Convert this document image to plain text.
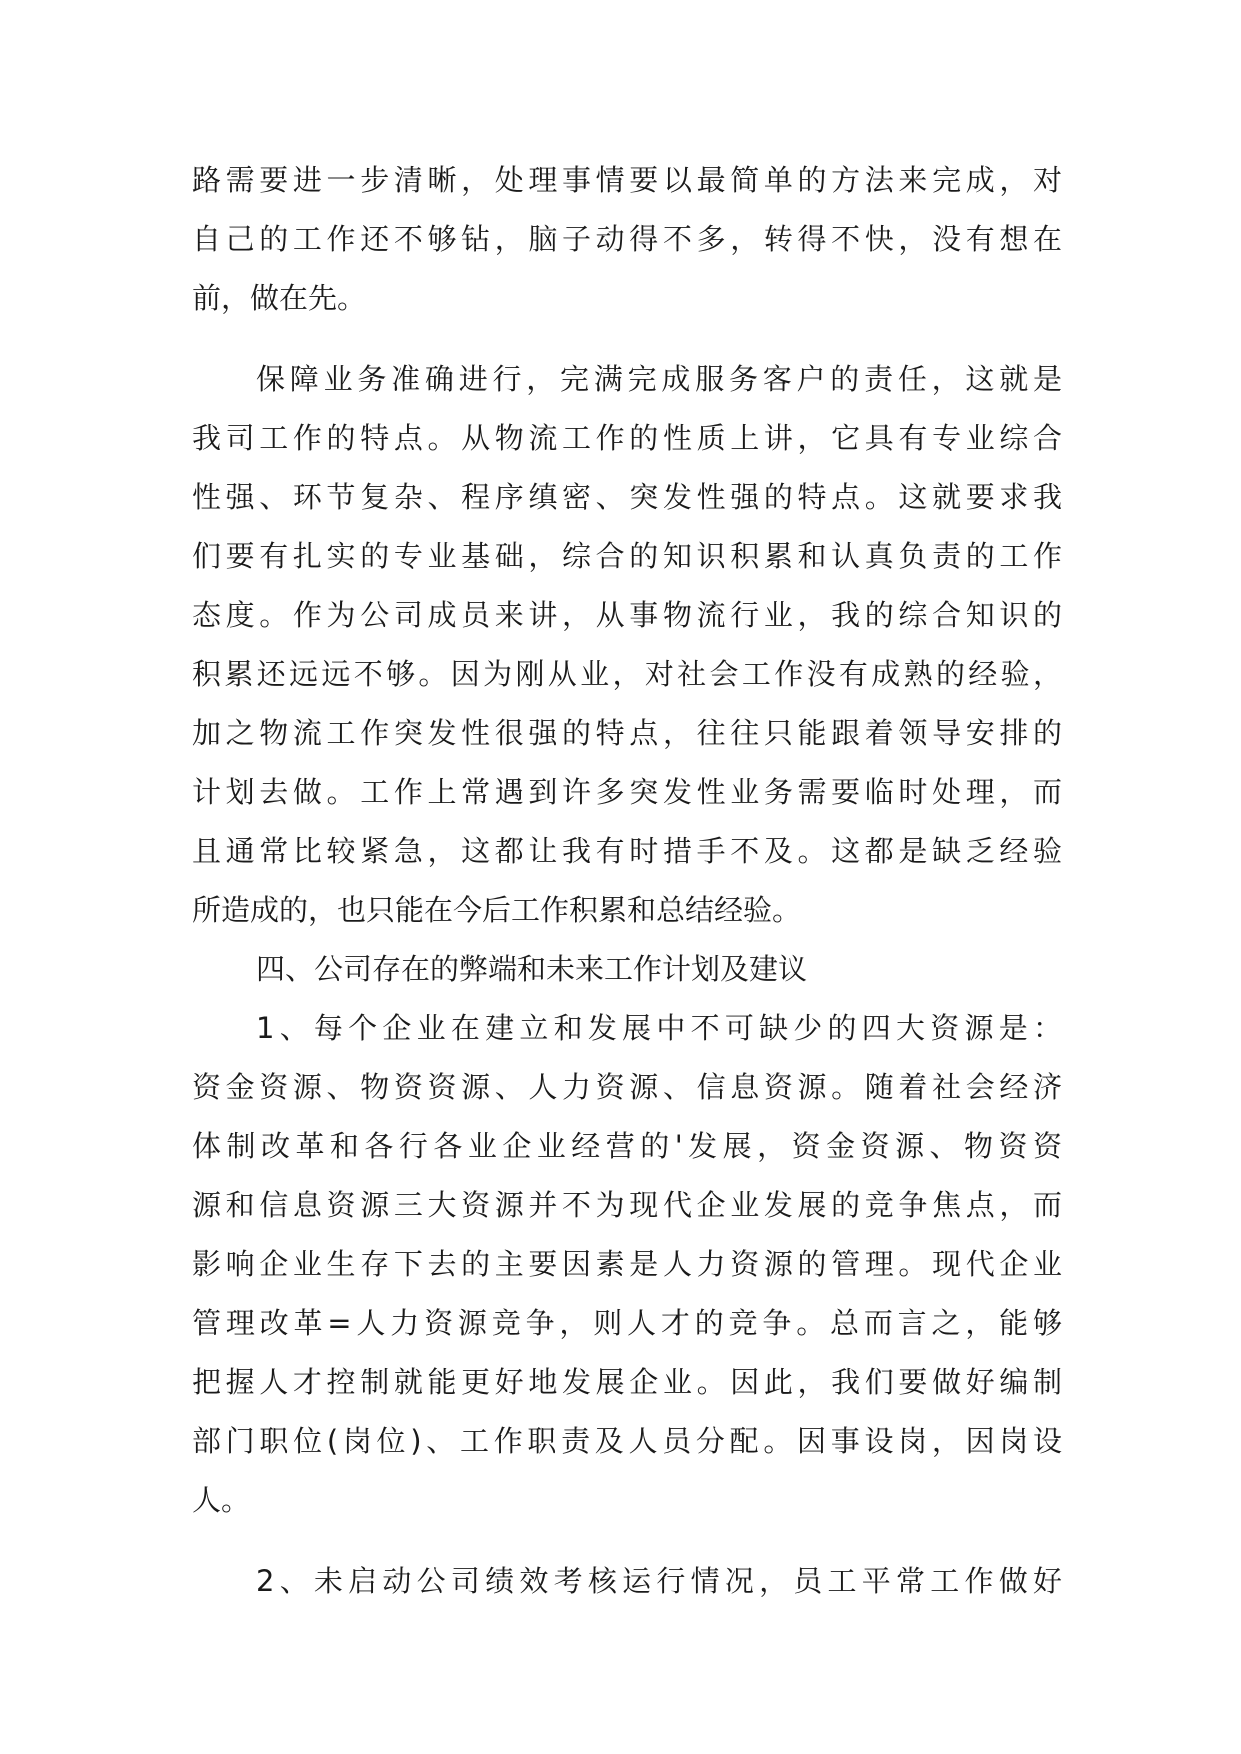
路需要进一步清晰，处理事情要以最简单的方法来完成，对
自己的工作还不够钻，脑子动得不多，转得不快，没有想在
前，做在先。
保障业务准确进行，完满完成服务客户的责任，这就是
我司工作的特点。从物流工作的性质上讲，它具有专业综合
性强、环节复杂、程序缜密、突发性强的特点。这就要求我
们要有扎实的专业基础，综合的知识积累和认真负责的工作
态度。作为公司成员来讲，从事物流行业，我的综合知识的
积累还远远不够。因为刚从业，对社会工作没有成熟的经验，
加之物流工作突发性很强的特点，往往只能跟着领导安排的
计划去做。工作上常遇到许多突发性业务需要临时处理，而
且通常比较紧急，这都让我有时措手不及。这都是缺乏经验
所造成的，也只能在今后工作积累和总结经验。
四、公司存在的弊端和未来工作计划及建议
1、每个企业在建立和发展中不可缺少的四大资源是：
资金资源、物资资源、人力资源、信息资源。随着社会经济
体制改革和各行各业企业经营的'发展，资金资源、物资资
源和信息资源三大资源并不为现代企业发展的竞争焦点，而
影响企业生存下去的主要因素是人力资源的管理。现代企业
管理改革=人力资源竞争，则人才的竞争。总而言之，能够
把握人才控制就能更好地发展企业。因此，我们要做好编制
部门职位(岗位)、工作职责及人员分配。因事设岗，因岗设
人。
2、未启动公司绩效考核运行情况，员工平常工作做好
